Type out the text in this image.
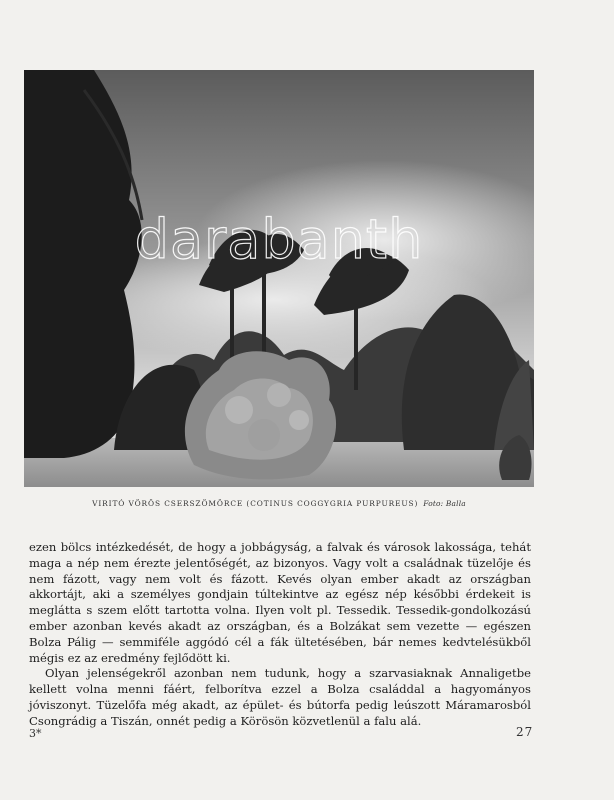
darabanth
VIRITÓ VÖRÖS CSERSZÖMÖRCE (COTINUS COGGYGRIA PURPUREUS) Foto: Balla

ezen bölcs intézkedését, de hogy a jobbágyság, a falvak és városok lakossága, tehát maga a nép nem érezte jelentőségét, az bizonyos. Vagy volt a családnak tüzelője és nem fázott, vagy nem volt és fázott. Kevés olyan ember akadt az országban akkortájt, aki a személyes gondjain túltekintve az egész nép későbbi érdekeit is meglátta s szem előtt tartotta volna. Ilyen volt pl. Tessedik. Tessedik-gondolkozású ember azonban kevés akadt az országban, és a Bolzákat sem vezette — egészen Bolza Pálig — semmiféle aggódó cél a fák ültetésében, bár nemes kedvtelésükből mégis ez az eredmény fejlődött ki.

Olyan jelenségekről azonban nem tudunk, hogy a szarvasiaknak Annaligetbe kellett volna menni fáért, felborítva ezzel a Bolza családdal a hagyományos jóviszonyt. Tüzelőfa még akadt, az épület- és bútorfa pedig leúszott Máramarosból Csongrádig a Tiszán, onnét pedig a Körösön közvetlenül a falu alá.

3*	27
